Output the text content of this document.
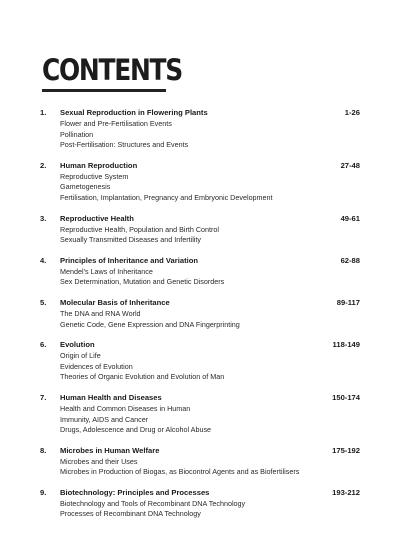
CONTENTS
1. Sexual Reproduction in Flowering Plants	1-26
Flower and Pre-Fertilisation Events
Pollination
Post-Fertilisation: Structures and Events
2. Human Reproduction	27-48
Reproductive System
Gametogenesis
Fertilisation, Implantation, Pregnancy and Embryonic Development
3. Reproductive Health	49-61
Reproductive Health, Population and Birth Control
Sexually Transmitted Diseases and Infertility
4. Principles of Inheritance and Variation	62-88
Mendel's Laws of Inheritance
Sex Determination, Mutation and Genetic Disorders
5. Molecular Basis of Inheritance	89-117
The DNA and RNA World
Genetic Code, Gene Expression and DNA Fingerprinting
6. Evolution	118-149
Origin of Life
Evidences of Evolution
Theories of Organic Evolution and Evolution of Man
7. Human Health and Diseases	150-174
Health and Common Diseases in Human
Immunity, AIDS and Cancer
Drugs, Adolescence and Drug or Alcohol Abuse
8. Microbes in Human Welfare	175-192
Microbes and their Uses
Microbes in Production of Biogas, as Biocontrol Agents and as Biofertilisers
9. Biotechnology: Principles and Processes	193-212
Biotechnology and Tools of Recombinant DNA Technology
Processes of Recombinant DNA Technology
